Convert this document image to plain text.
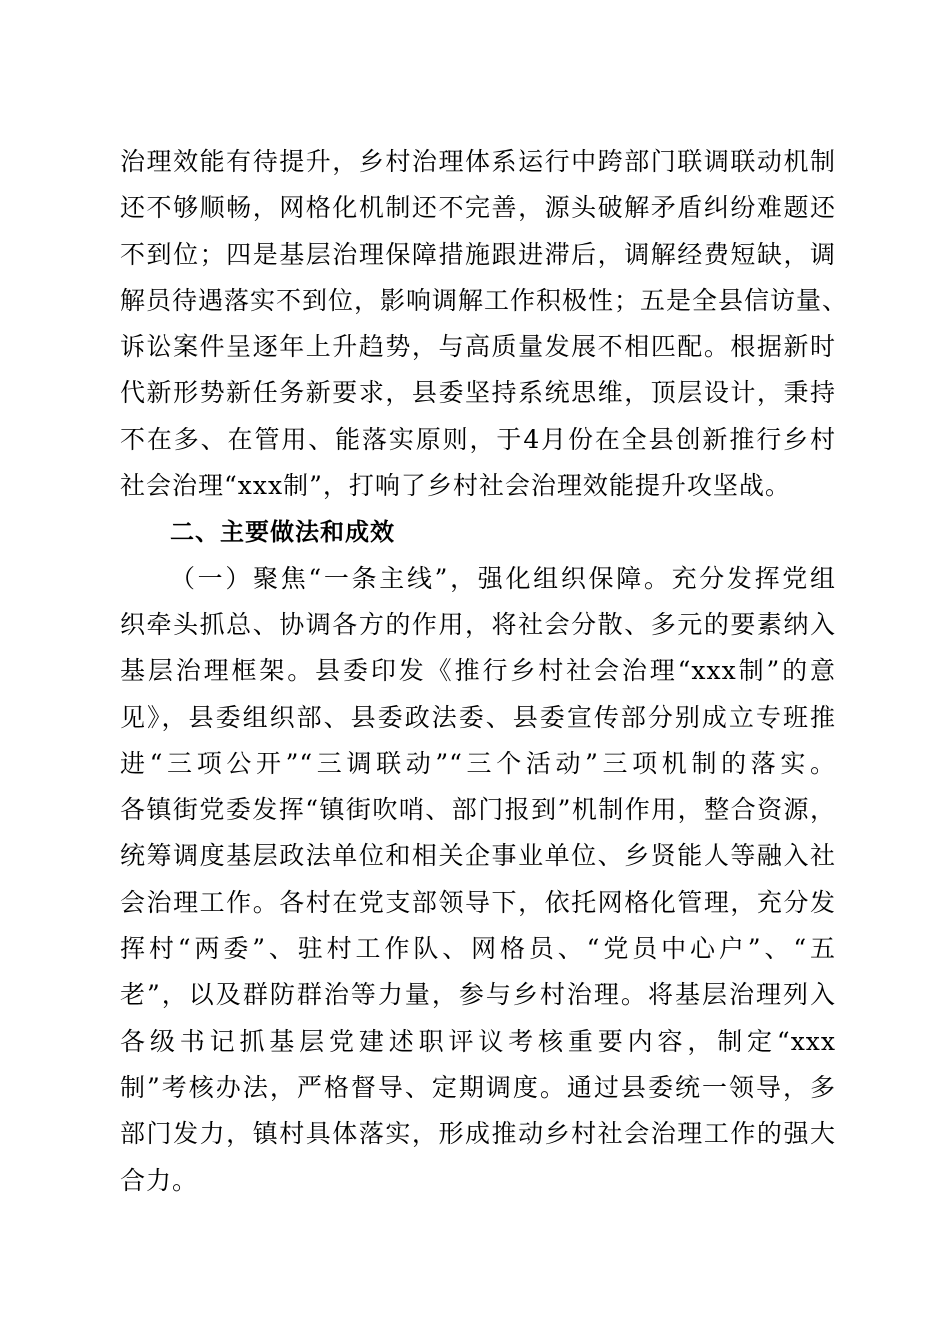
治理效能有待提升，乡村治理体系运行中跨部门联调联动机制
还不够顺畅，网格化机制还不完善，源头破解矛盾纠纷难题还
不到位；四是基层治理保障措施跟进滞后，调解经费短缺，调
解员待遇落实不到位，影响调解工作积极性；五是全县信访量、
诉讼案件呈逐年上升趋势，与高质量发展不相匹配。根据新时
代新形势新任务新要求，县委坚持系统思维，顶层设计，秉持
不在多、在管用、能落实原则，于4月份在全县创新推行乡村
社会治理“xxx制”，打响了乡村社会治理效能提升攻坚战。
二、主要做法和成效
（一）聚焦“一条主线”，强化组织保障。充分发挥党组
织牵头抓总、协调各方的作用，将社会分散、多元的要素纳入
基层治理框架。县委印发《推行乡村社会治理“xxx制”的意
见》，县委组织部、县委政法委、县委宣传部分别成立专班推
进“三项公开”“三调联动”“三个活动”三项机制的落实。
各镇街党委发挥“镇街吹哨、部门报到”机制作用，整合资源，
统筹调度基层政法单位和相关企事业单位、乡贤能人等融入社
会治理工作。各村在党支部领导下，依托网格化管理，充分发
挥村“两委”、驻村工作队、网格员、“党员中心户”、“五
老”，以及群防群治等力量，参与乡村治理。将基层治理列入
各级书记抓基层党建述职评议考核重要内容，制定“xxx
制”考核办法，严格督导、定期调度。通过县委统一领导，多
部门发力，镇村具体落实，形成推动乡村社会治理工作的强大
合力。
